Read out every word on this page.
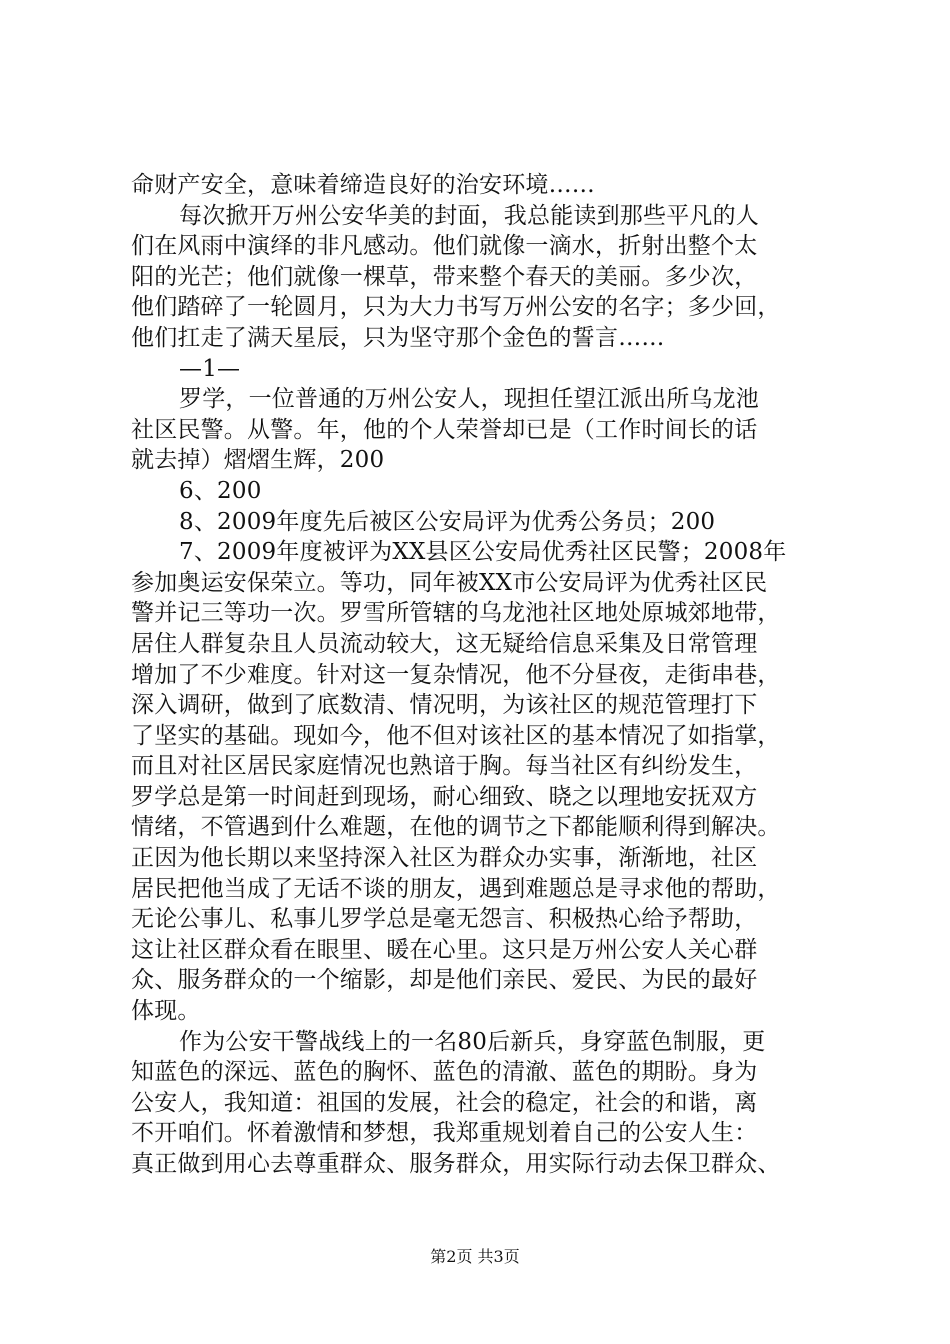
命财产安全，意味着缔造良好的治安环境……
每次掀开万州公安华美的封面，我总能读到那些平凡的人
们在风雨中演绎的非凡感动。他们就像一滴水，折射出整个太
阳的光芒；他们就像一棵草，带来整个春天的美丽。多少次，
他们踏碎了一轮圆月，只为大力书写万州公安的名字；多少回，
他们扛走了满天星辰，只为坚守那个金色的誓言……
—1—
罗学，一位普通的万州公安人，现担任望江派出所乌龙池
社区民警。从警。年，他的个人荣誉却已是（工作时间长的话
就去掉）熠熠生辉，200
6、200
8、2009年度先后被区公安局评为优秀公务员；200
7、2009年度被评为XX县区公安局优秀社区民警；2008年
参加奥运安保荣立。等功，同年被XX市公安局评为优秀社区民
警并记三等功一次。罗雪所管辖的乌龙池社区地处原城郊地带，
居住人群复杂且人员流动较大，这无疑给信息采集及日常管理
增加了不少难度。针对这一复杂情况，他不分昼夜，走街串巷，
深入调研，做到了底数清、情况明，为该社区的规范管理打下
了坚实的基础。现如今，他不但对该社区的基本情况了如指掌，
而且对社区居民家庭情况也熟谙于胸。每当社区有纠纷发生，
罗学总是第一时间赶到现场，耐心细致、晓之以理地安抚双方
情绪，不管遇到什么难题，在他的调节之下都能顺利得到解决。
正因为他长期以来坚持深入社区为群众办实事，渐渐地，社区
居民把他当成了无话不谈的朋友，遇到难题总是寻求他的帮助，
无论公事儿、私事儿罗学总是毫无怨言、积极热心给予帮助，
这让社区群众看在眼里、暖在心里。这只是万州公安人关心群
众、服务群众的一个缩影，却是他们亲民、爱民、为民的最好
体现。
作为公安干警战线上的一名80后新兵，身穿蓝色制服，更
知蓝色的深远、蓝色的胸怀、蓝色的清澈、蓝色的期盼。身为
公安人，我知道：祖国的发展，社会的稳定，社会的和谐，离
不开咱们。怀着激情和梦想，我郑重规划着自己的公安人生：
真正做到用心去尊重群众、服务群众，用实际行动去保卫群众、
第2页 共3页
